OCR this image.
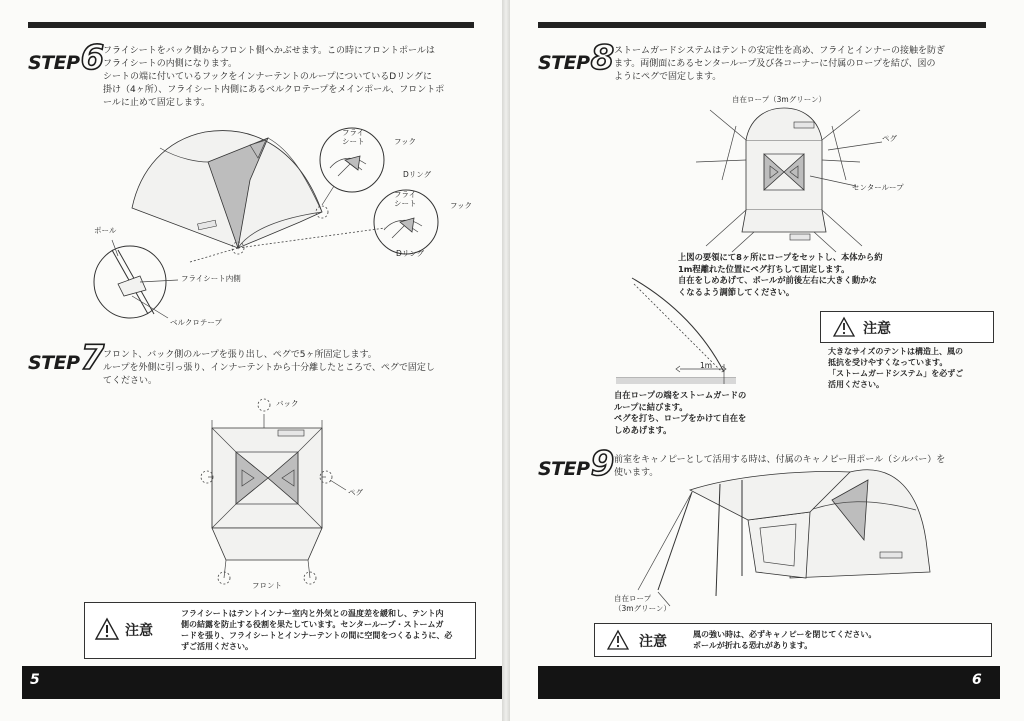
STEP 6
フライシートをバック側からフロント側へかぶせます。この時にフロントポールは
フライシートの内側になります。
シートの端に付いているフックをインナーテントのループについているDリングに
掛け（4ヶ所）、フライシート内側にあるベルクロテープをメインポール、フロントポ
ールに止めて固定します。
フライ
シート	フック
Dリング
フライ
シート	フック
Dリング
ポール
フライシート内側
ベルクロテープ
STEP 7
フロント、バック側のループを張り出し、ペグで5ヶ所固定します。
ループを外側に引っ張り、インナーテントから十分離したところで、ペグで固定し
てください。
バック
ペグ
フロント
注意
フライシートはテントインナー室内と外気との温度差を緩和し、テント内
側の結露を防止する役割を果たしています。センターループ・ストームガ
ードを張り、フライシートとインナーテントの間に空間をつくるように、必
ずご活用ください。
5
STEP 8 ストームガードシステムはテントの安定性を高め、フライとインナーの接触を防ぎ
ます。両側面にあるセンターループ及び各コーナーに付属のロープを結び、図の
ようにペグで固定します。
自在ロープ（3mグリーン）
ペグ
センターループ
1m
上図の要領にて8ヶ所にロープをセットし、本体から約
1m程離れた位置にペグ打ちして固定します。
自在をしめあげて、ポールが前後左右に大きく動かな
くなるよう調節してください。
自在ロープの端をストームガードの
ループに結びます。
ペグを打ち、ロープをかけて自在を
しめあげます。
注意
大きなサイズのテントは構造上、風の
抵抗を受けやすくなっています。
「ストームガードシステム」を必ずご
活用ください。
STEP 9 前室をキャノピーとして活用する時は、付属のキャノピー用ポール（シルバー）を
使います。
自在ロープ
（3mグリーン）
注意	風の強い時は、必ずキャノピーを閉じてください。
ポールが折れる恐れがあります。
6
